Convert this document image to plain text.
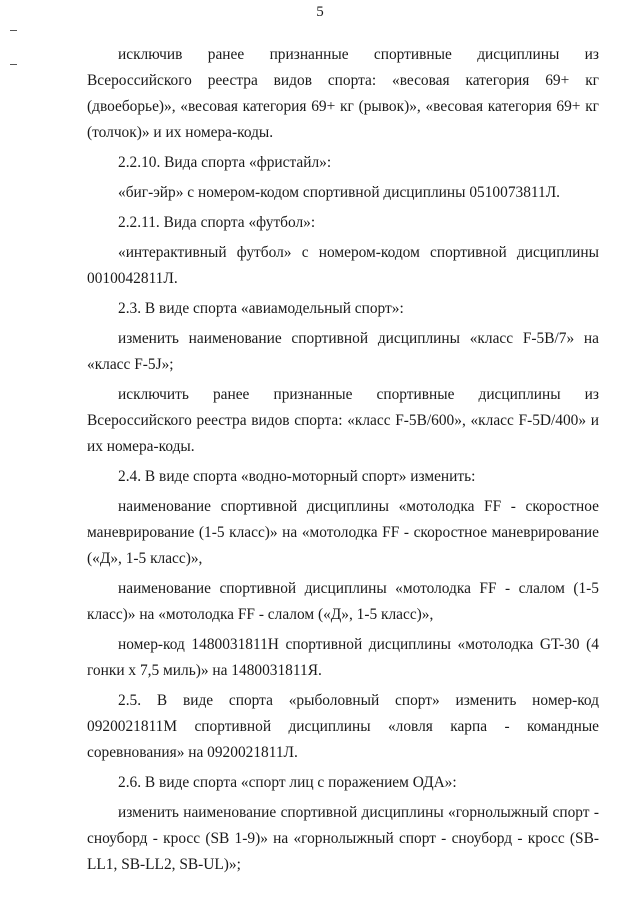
5

исключив ранее признанные спортивные дисциплины из Всероссийского реестра видов спорта: «весовая категория 69+ кг (двоеборье)», «весовая категория 69+ кг (рывок)», «весовая категория 69+ кг (толчок)» и их номера-коды.

2.2.10. Вида спорта «фристайл»:

«биг-эйр» с номером-кодом спортивной дисциплины 0510073811Л.

2.2.11. Вида спорта «футбол»:

«интерактивный футбол» с номером-кодом спортивной дисциплины 0010042811Л.

2.3. В виде спорта «авиамодельный спорт»:

изменить наименование спортивной дисциплины «класс F-5B/7» на «класс F-5J»;

исключить ранее признанные спортивные дисциплины из Всероссийского реестра видов спорта: «класс F-5B/600», «класс F-5D/400» и их номера-коды.

2.4. В виде спорта «водно-моторный спорт» изменить:

наименование спортивной дисциплины «мотолодка FF - скоростное маневрирование (1-5 класс)» на «мотолодка FF - скоростное маневрирование («Д», 1-5 класс)»,

наименование спортивной дисциплины «мотолодка FF - слалом (1-5 класс)» на «мотолодка FF - слалом («Д», 1-5 класс)»,

номер-код 1480031811Н спортивной дисциплины «мотолодка GT-30 (4 гонки х 7,5 миль)» на 1480031811Я.

2.5. В виде спорта «рыболовный спорт» изменить номер-код 0920021811М спортивной дисциплины «ловля карпа - командные соревнования» на 0920021811Л.

2.6. В виде спорта «спорт лиц с поражением ОДА»:

изменить наименование спортивной дисциплины «горнолыжный спорт - сноуборд - кросс (SB 1-9)» на «горнолыжный спорт - сноуборд - кросс (SB-LL1, SB-LL2, SB-UL)»;
